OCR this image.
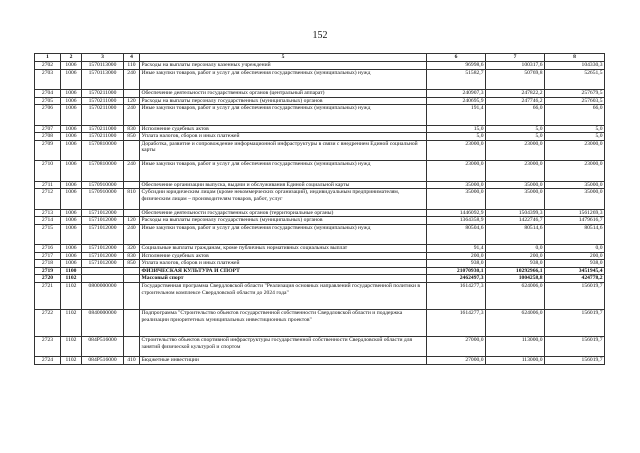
152
1	2	3	4	5	6	7	8
2702	1006	1570113000	110	Расходы на выплаты персоналу казенных учреждений	96998,6	100317,6	104330,3
2703	1006	1570113000	240	Иные закупки товаров, работ и услуг для обеспечения государственных (муниципальных) нужд	51582,7	50769,8	52651,5
2704	1006	1570211000		Обеспечение деятельности государственных органов (центральный аппарат)	240907,3	247822,2	257679,5
2705	1006	1570211000	120	Расходы на выплаты персоналу государственных (муниципальных) органов	240695,9	247746,2	257603,5
2706	1006	1570211000	240	Иные закупки товаров, работ и услуг для обеспечения государственных (муниципальных) нужд	191,4	66,0	66,0
2707	1006	1570211000	830	Исполнение судебных актов	15,0	5,0	5,0
2708	1006	1570211000	850	Уплата налогов, сборов и иных платежей	5,0	5,0	5,0
2709	1006	1570810000		Доработка, развитие и сопровождение информационной инфраструктуры в связи с внедрением Единой социальной карты	23000,0	23000,0	23000,0
2710	1006	1570810000	240	Иные закупки товаров, работ и услуг для обеспечения государственных (муниципальных) нужд	23000,0	23000,0	23000,0
2711	1006	1570910000		Обеспечение организации выпуска, выдачи и обслуживания Единой социальной карты	35000,0	35000,0	35000,0
2712	1006	1570910000	810	Субсидии юридическим лицам (кроме некоммерческих организаций), индивидуальным предпринимателям, физическим лицам – производителям товаров, работ, услуг	35000,0	35000,0	35000,0
2713	1006	1571012000		Обеспечение деятельности государственных органов (территориальные органы)	1446092,9	1504399,3	1561269,3
2714	1006	1571012000	120	Расходы на выплаты персоналу государственных (муниципальных) органов	1364358,9	1422746,7	1479616,7
2715	1006	1571012000	240	Иные закупки товаров, работ и услуг для обеспечения государственных (муниципальных) нужд	80504,6	80514,6	80514,6
2716	1006	1571012000	320	Социальные выплаты гражданам, кроме публичных нормативных социальных выплат	91,4	0,0	0,0
2717	1006	1571012000	830	Исполнение судебных актов	200,0	200,0	200,0
2718	1006	1571012000	850	Уплата налогов, сборов и иных платежей	938,0	938,0	938,0
2719	1100			ФИЗИЧЕСКАЯ КУЛЬТУРА И СПОРТ	21070930,1	10292966,1	3451945,4
2720	1102			Массовый спорт	2462497,3	1004258,8	424778,2
2721	1102	0800000000		Государственная программа Свердловской области "Реализация основных направлений государственной политики в строительном комплексе Свердловской области до 2024 года"	1614277,3	624006,0	156019,7
2722	1102	0840000000		Подпрограмма "Строительство объектов государственной собственности Свердловской области и поддержка реализации приоритетных муниципальных инвестиционных проектов"	1614277,3	624006,0	156019,7
2723	1102	084Р516000		Строительство объектов спортивной инфраструктуры государственной собственности Свердловской области для занятий физической культурой и спортом	27000,0	113000,0	156019,7
2724	1102	084Р516000	410	Бюджетные инвестиции	27000,0	113000,0	156019,7
